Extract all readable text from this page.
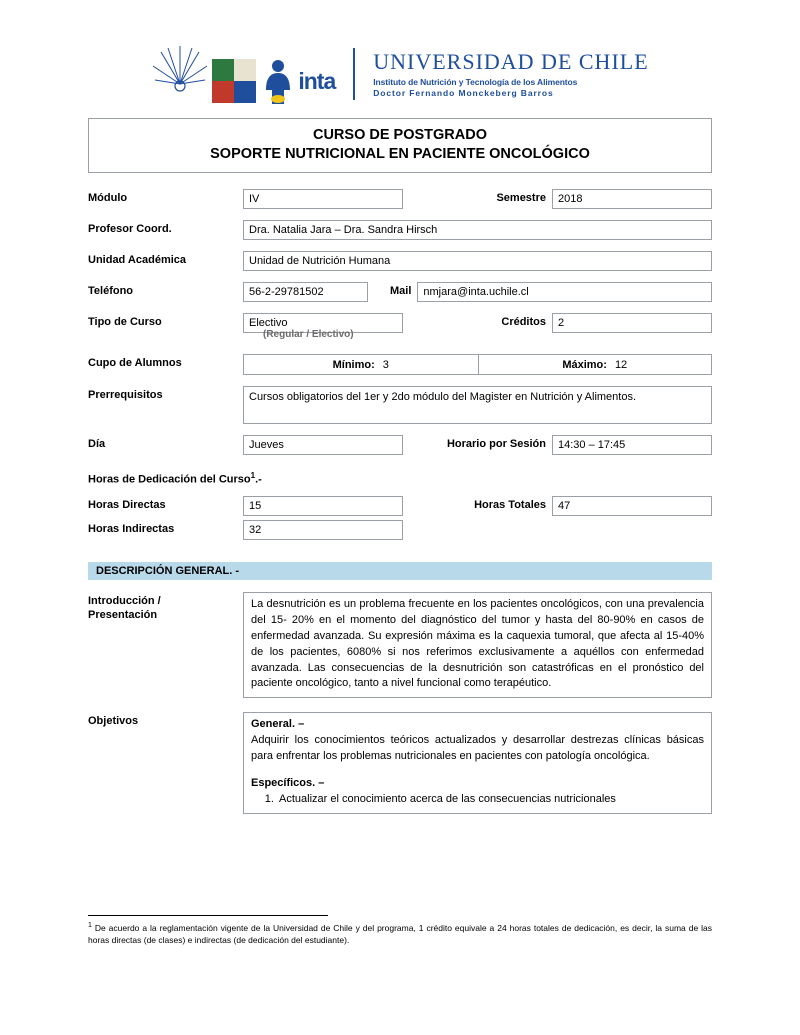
inta
UNIVERSIDAD DE CHILE
Instituto de Nutrición y Tecnología de los Alimentos
Doctor Fernando Monckeberg Barros
CURSO DE POSTGRADO
SOPORTE NUTRICIONAL EN PACIENTE ONCOLÓGICO
Módulo	IV	Semestre	2018
Profesor Coord.	Dra. Natalia Jara – Dra. Sandra Hirsch
Unidad Académica	Unidad de Nutrición Humana
Teléfono	56-2-29781502	Mail	nmjara@inta.uchile.cl
Tipo de Curso	Electivo	Créditos	2
(Regular / Electivo)
Cupo de Alumnos	Mínimo: 3	Máximo: 12
Prerrequisitos	Cursos obligatorios del 1er y 2do módulo del Magister en Nutrición y Alimentos.
Día	Jueves	Horario por Sesión	14:30 – 17:45
Horas de Dedicación del Curso$^1$.-
Horas Directas	15	Horas Totales	47
Horas Indirectas	32
DESCRIPCIÓN GENERAL. -
Introducción /
Presentación

La desnutrición es un problema frecuente en los pacientes oncológicos, con una prevalencia del 15- 20% en el momento del diagnóstico del tumor y hasta del 80-90% en casos de enfermedad avanzada. Su expresión máxima es la caquexia tumoral, que afecta al 15-40% de los pacientes, 6080% si nos referimos exclusivamente a aquéllos con enfermedad avanzada. Las consecuencias de la desnutrición son catastróficas en el pronóstico del paciente oncológico, tanto a nivel funcional como terapéutico.

Objetivos	General. –

Adquirir los conocimientos teóricos actualizados y desarrollar destrezas clínicas básicas para enfrentar los problemas nutricionales en pacientes con patología oncológica.

Específicos. –

1. Actualizar el conocimiento acerca de las consecuencias nutricionales
$^1$ De acuerdo a la reglamentación vigente de la Universidad de Chile y del programa, 1 crédito equivale a 24 horas totales de dedicación, es decir, la suma de las horas directas (de clases) e indirectas (de dedicación del estudiante).
